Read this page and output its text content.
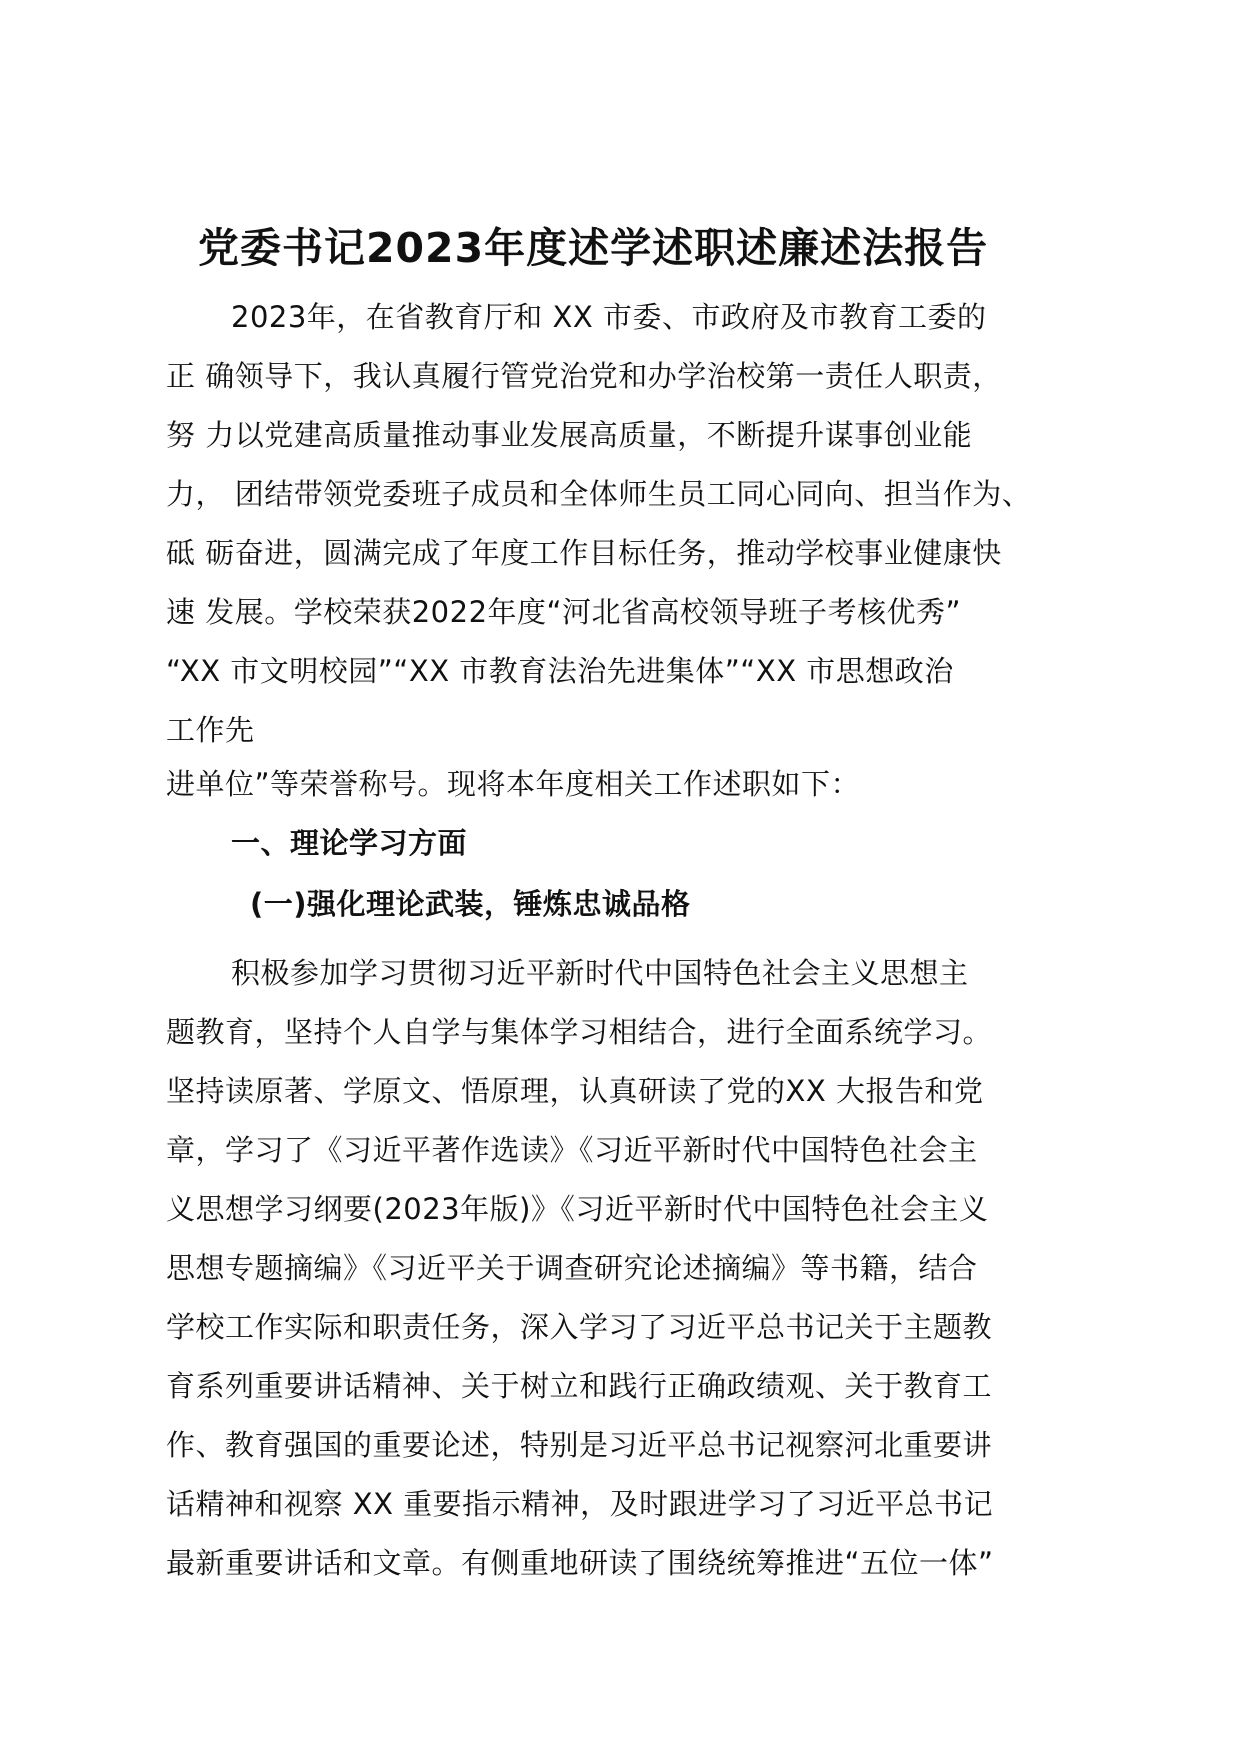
党委书记2023年度述学述职述廉述法报告
2023年，在省教育厅和 XX 市委、市政府及市教育工委的
正 确领导下，我认真履行管党治党和办学治校第一责任人职责，
努 力以党建高质量推动事业发展高质量，不断提升谋事创业能
力， 团结带领党委班子成员和全体师生员工同心同向、担当作为、
砥 砺奋进，圆满完成了年度工作目标任务，推动学校事业健康快
速 发展。学校荣获2022年度“河北省高校领导班子考核优秀”
“XX 市文明校园”“XX 市教育法治先进集体”“XX 市思想政治
工作先
进单位”等荣誉称号。现将本年度相关工作述职如下：
一、理论学习方面
(一)强化理论武装，锤炼忠诚品格
积极参加学习贯彻习近平新时代中国特色社会主义思想主
题教育，坚持个人自学与集体学习相结合，进行全面系统学习。
坚持读原著、学原文、悟原理，认真研读了党的XX 大报告和党
章，学习了《习近平著作选读》《习近平新时代中国特色社会主
义思想学习纲要(2023年版)》《习近平新时代中国特色社会主义
思想专题摘编》《习近平关于调查研究论述摘编》等书籍，结合
学校工作实际和职责任务，深入学习了习近平总书记关于主题教
育系列重要讲话精神、关于树立和践行正确政绩观、关于教育工
作、教育强国的重要论述，特别是习近平总书记视察河北重要讲
话精神和视察 XX 重要指示精神，及时跟进学习了习近平总书记
最新重要讲话和文章。有侧重地研读了围绕统筹推进“五位一体”
